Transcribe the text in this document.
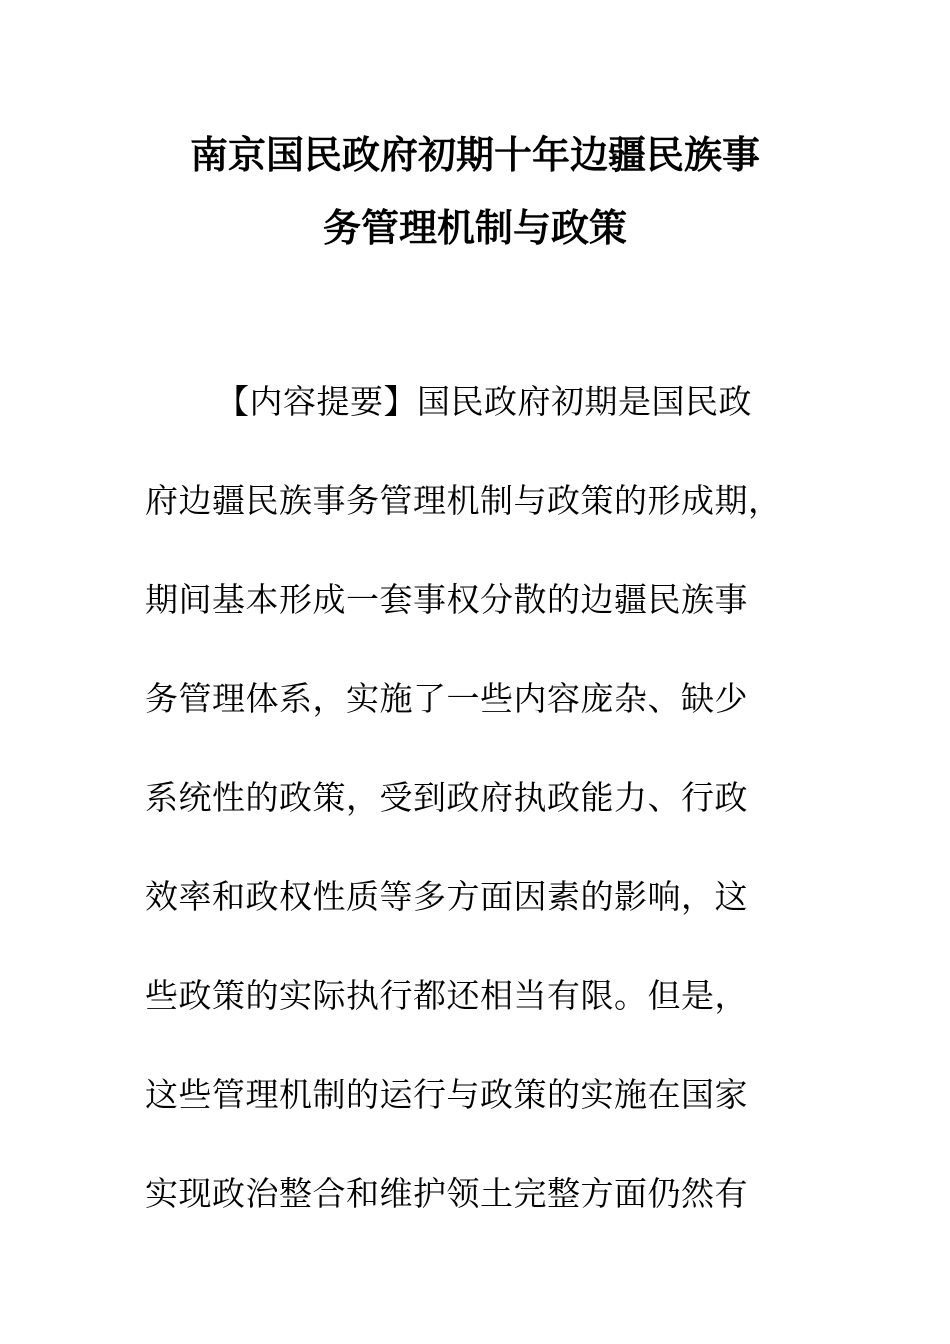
南京国民政府初期十年边疆民族事
务管理机制与政策
【内容提要】国民政府初期是国民政
府边疆民族事务管理机制与政策的形成期，
期间基本形成一套事权分散的边疆民族事
务管理体系，实施了一些内容庞杂、缺少
系统性的政策，受到政府执政能力、行政
效率和政权性质等多方面因素的影响，这
些政策的实际执行都还相当有限。但是，
这些管理机制的运行与政策的实施在国家
实现政治整合和维护领土完整方面仍然有
